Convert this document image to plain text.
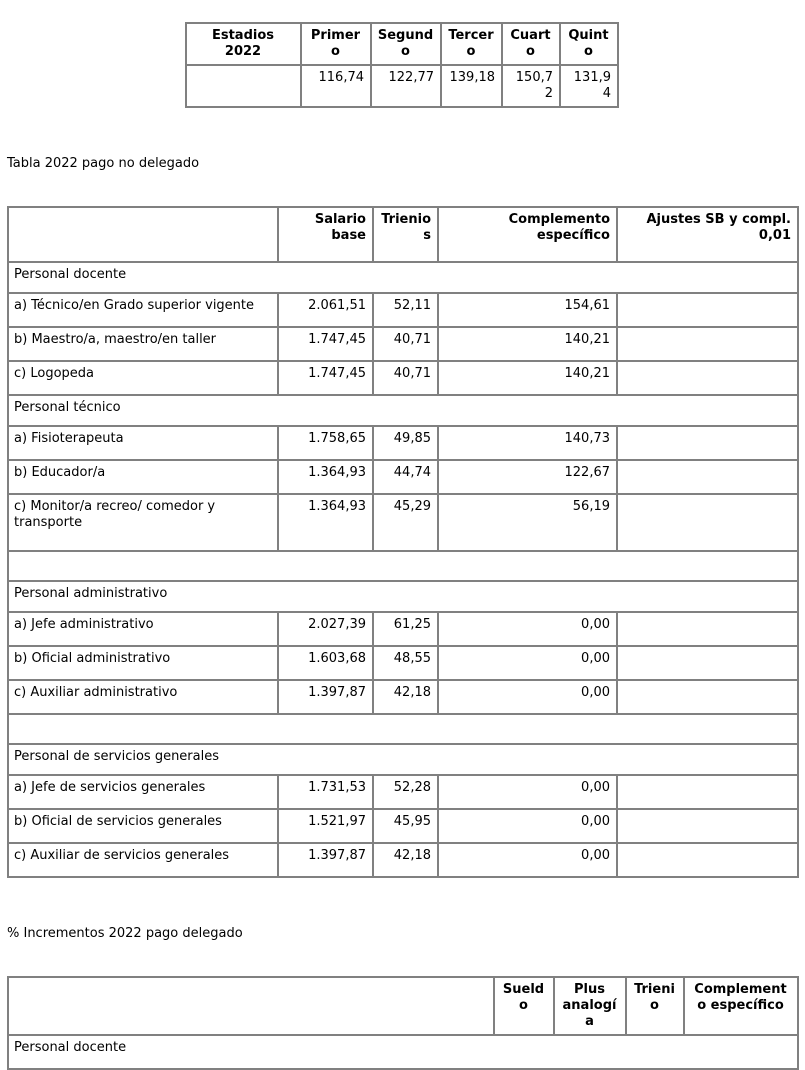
Estadios 2022	Primero	Segundo	Tercero	Cuarto	Quinto
	116,74	122,77	139,18	150,72	131,94
Tabla 2022 pago no delegado
	Salario base	Trienios	Complemento específico	Ajustes SB y compl. 0,01
Personal docente				
a) Técnico/en Grado superior vigente	2.061,51	52,11	154,61	
b) Maestro/a, maestro/en taller	1.747,45	40,71	140,21	
c) Logopeda	1.747,45	40,71	140,21	
Personal técnico				
a) Fisioterapeuta	1.758,65	49,85	140,73	
b) Educador/a	1.364,93	44,74	122,67	
c) Monitor/a recreo/ comedor y transporte	1.364,93	45,29	56,19	

Personal administrativo				
a) Jefe administrativo	2.027,39	61,25	0,00	
b) Oficial administrativo	1.603,68	48,55	0,00	
c) Auxiliar administrativo	1.397,87	42,18	0,00	

Personal de servicios generales				
a) Jefe de servicios generales	1.731,53	52,28	0,00	
b) Oficial de servicios generales	1.521,97	45,95	0,00	
c) Auxiliar de servicios generales	1.397,87	42,18	0,00	
% Incrementos 2022 pago delegado
	Sueldo	Plus analogía	Trienio	Complemento específico
Personal docente
